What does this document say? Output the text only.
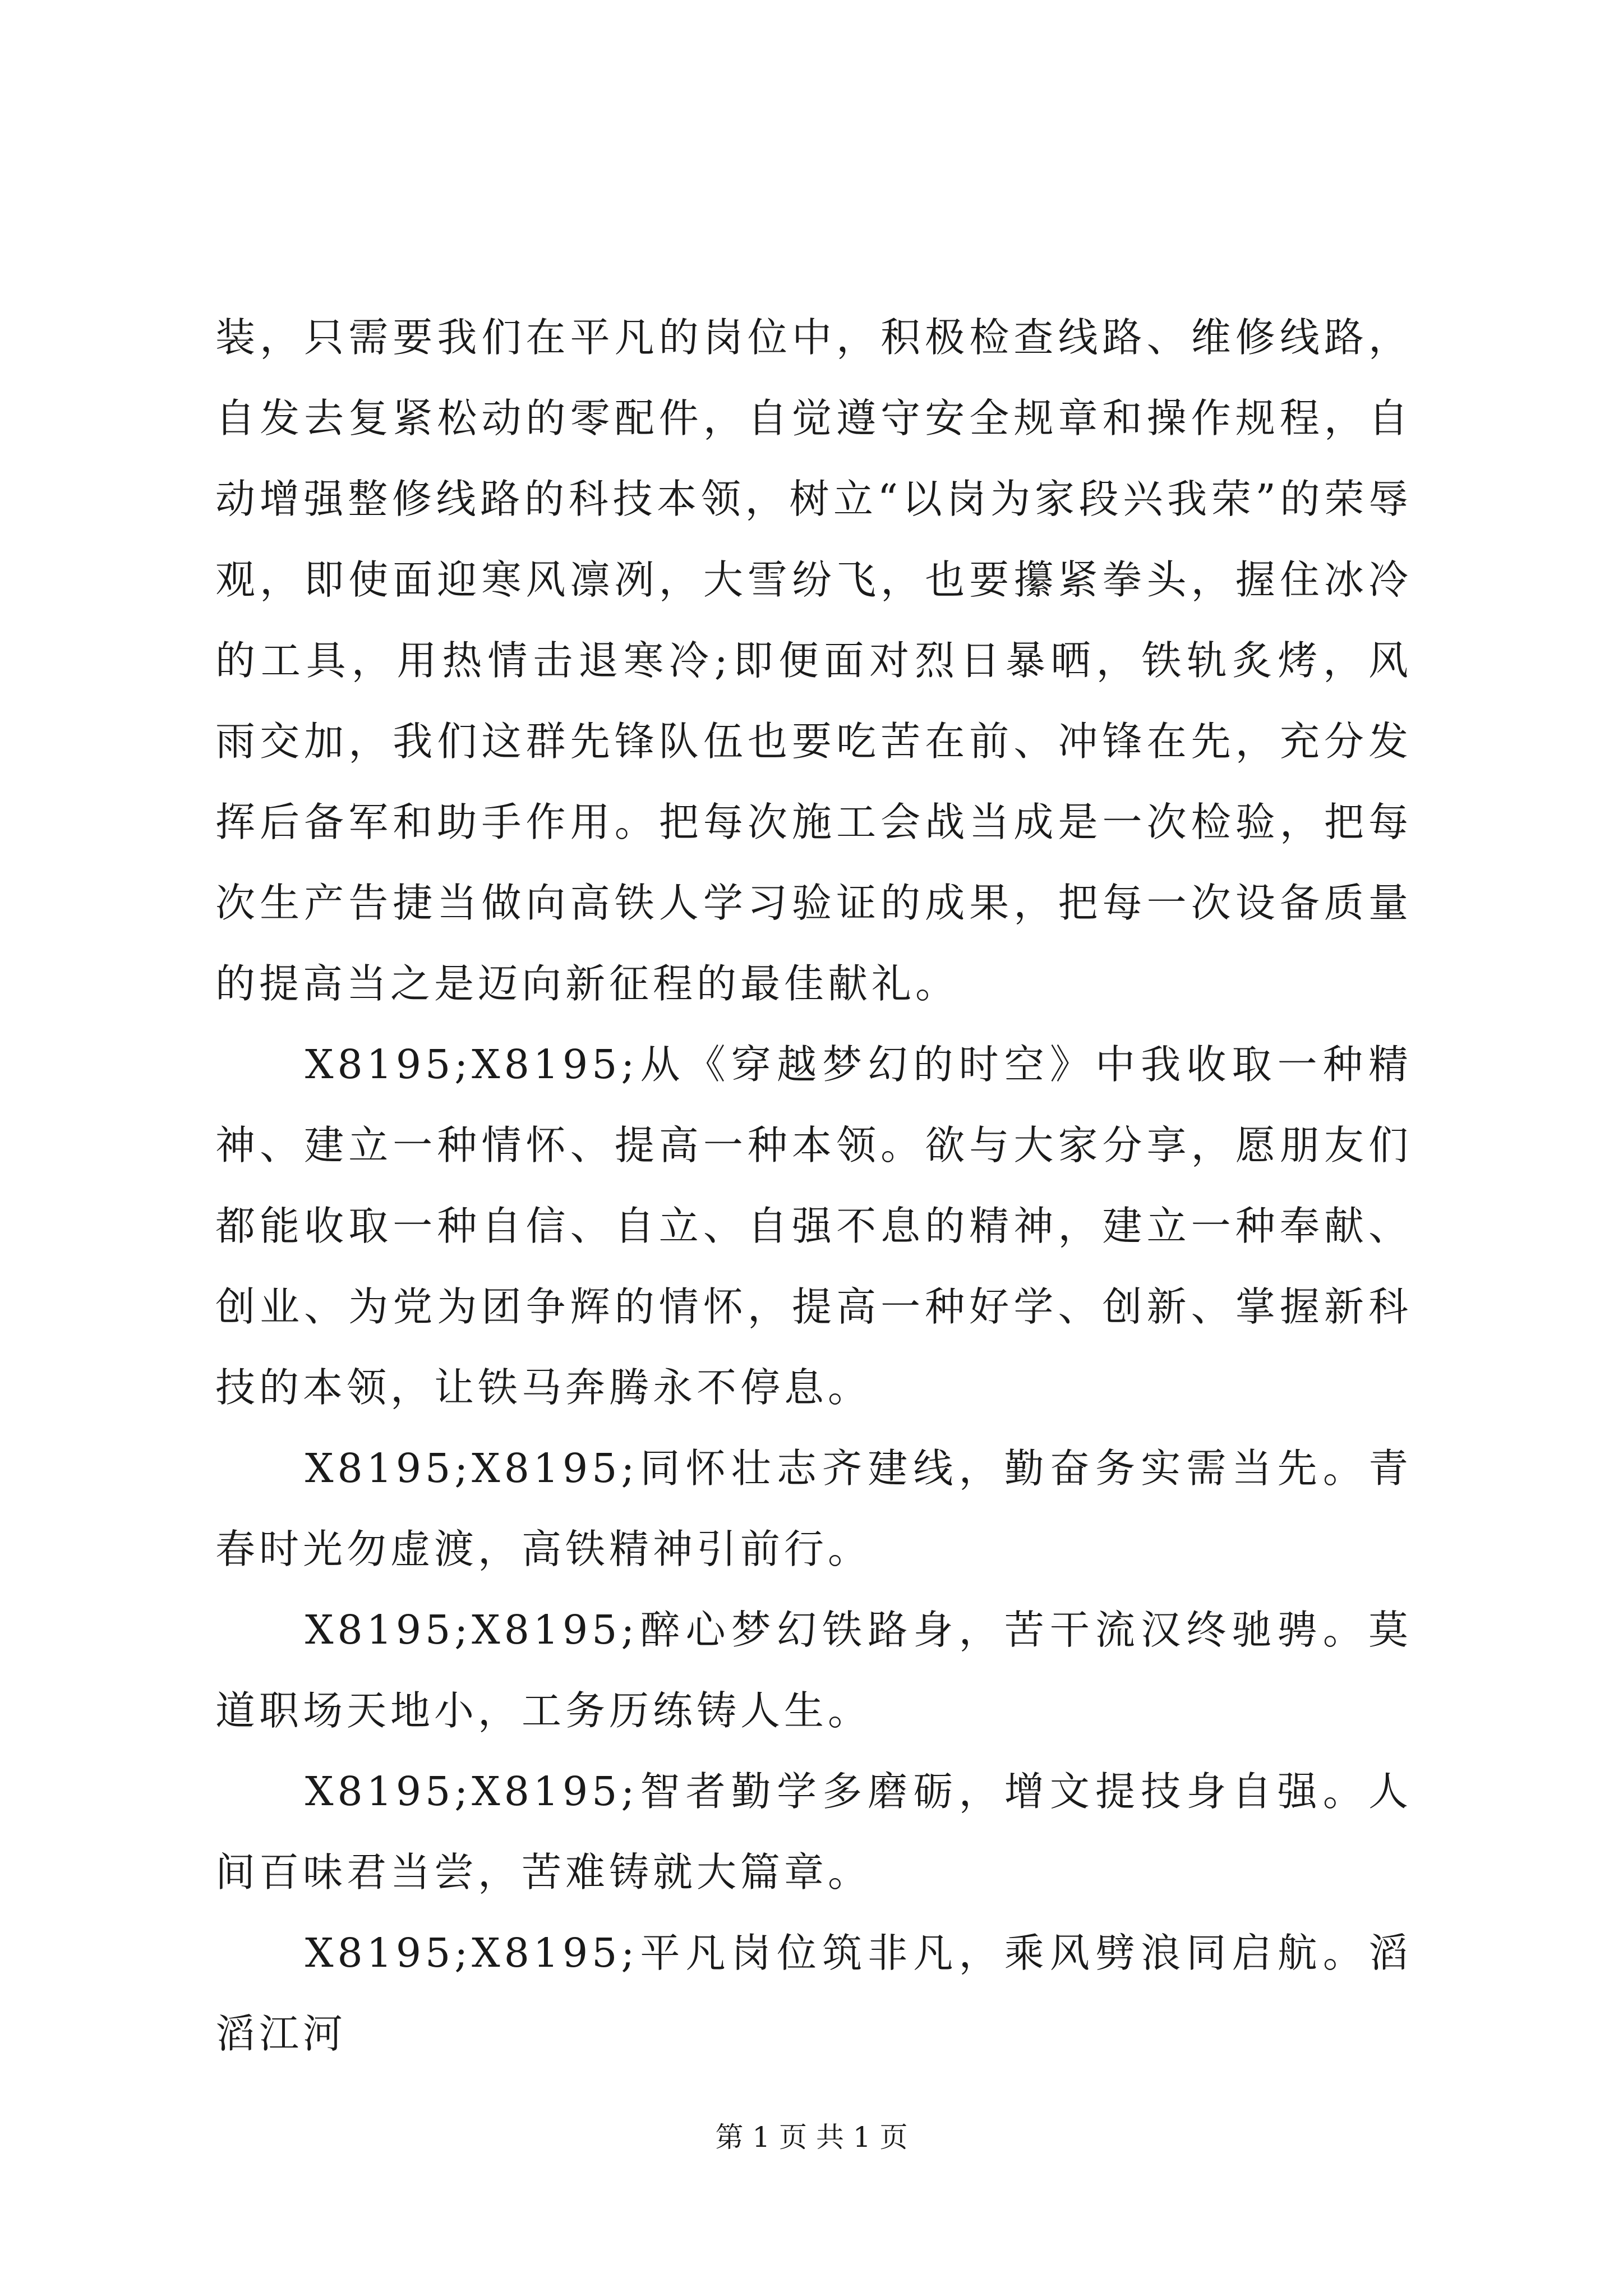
装，只需要我们在平凡的岗位中，积极检查线路、维修线路，自发去复紧松动的零配件，自觉遵守安全规章和操作规程，自动增强整修线路的科技本领，树立“以岗为家段兴我荣”的荣辱观，即使面迎寒风凛冽，大雪纷飞，也要攥紧拳头，握住冰冷的工具，用热情击退寒冷;即便面对烈日暴晒，铁轨炙烤，风雨交加，我们这群先锋队伍也要吃苦在前、冲锋在先，充分发挥后备军和助手作用。把每次施工会战当成是一次检验，把每次生产告捷当做向高铁人学习验证的成果，把每一次设备质量的提高当之是迈向新征程的最佳献礼。

X8195;X8195;从《穿越梦幻的时空》中我收取一种精神、建立一种情怀、提高一种本领。欲与大家分享，愿朋友们都能收取一种自信、自立、自强不息的精神，建立一种奉献、创业、为党为团争辉的情怀，提高一种好学、创新、掌握新科技的本领，让铁马奔腾永不停息。

X8195;X8195;同怀壮志齐建线，勤奋务实需当先。青春时光勿虚渡，高铁精神引前行。

X8195;X8195;醉心梦幻铁路身，苦干流汉终驰骋。莫道职场天地小，工务历练铸人生。

X8195;X8195;智者勤学多磨砺，增文提技身自强。人间百味君当尝，苦难铸就大篇章。

X8195;X8195;平凡岗位筑非凡，乘风劈浪同启航。滔滔江河

第 1 页 共 1 页
